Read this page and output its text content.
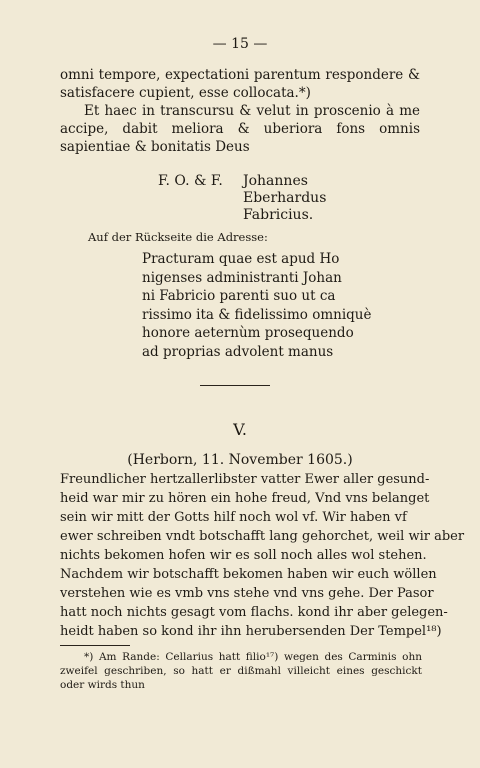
— 15 —
omni tempore, expectationi parentum respondere & satisfacere cupient, esse collocata.*)
Et haec in transcursu & velut in proscenio à me accipe, dabit meliora & uberiora fons omnis sapientiae & bonitatis Deus
F. O. & F. Johannes
Eberhardus
Fabricius.
Auf der Rückseite die Adresse:
Practuram quae est apud Ho
nigenses administranti Johan
ni Fabricio parenti suo ut ca
rissimo ita & fidelissimo omniquè
honore aeternùm prosequendo
ad proprias advolent manus
V.
(Herborn, 11. November 1605.)
Freundlicher hertzallerlibster vatter Ewer aller gesund-
heid war mir zu hören ein hohe freud, Vnd vns belanget
sein wir mitt der Gotts hilf noch wol vf. Wir haben vf
ewer schreiben vndt botschafft lang gehorchet, weil wir aber
nichts bekomen hofen wir es soll noch alles wol stehen.
Nachdem wir botschafft bekomen haben wir euch wöllen
verstehen wie es vmb vns stehe vnd vns gehe. Der Pasor
hatt noch nichts gesagt vom flachs. kond ihr aber gelegen-
heidt haben so kond ihr ihn herubersenden Der Tempel¹⁸)
*) Am Rande: Cellarius hatt filio¹⁷) wegen des Carminis ohn zweifel geschriben, so hatt er dißmahl villeicht eines geschickt oder wirds thun
